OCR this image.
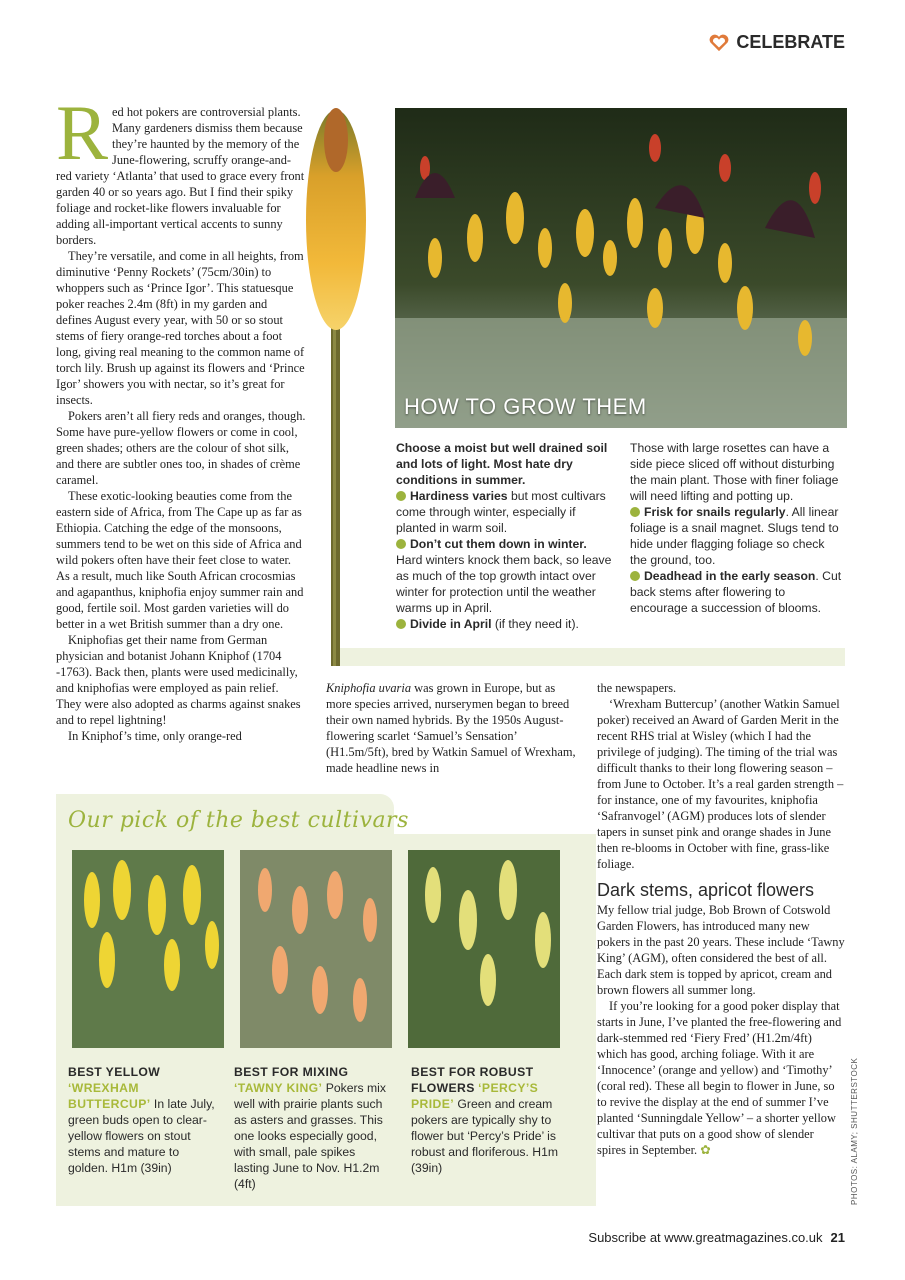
CELEBRATE

Red hot pokers are controversial plants. Many gardeners dismiss them because they’re haunted by the memory of the June-flowering, scruffy orange-and-red variety ‘Atlanta’ that used to grace every front garden 40 or so years ago. But I find their spiky foliage and rocket-like flowers invaluable for adding all-important vertical accents to sunny borders.

They’re versatile, and come in all heights, from diminutive ‘Penny Rockets’ (75cm/30in) to whoppers such as ‘Prince Igor’. This statuesque poker reaches 2.4m (8ft) in my garden and defines August every year, with 50 or so stout stems of fiery orange-red torches about a foot long, giving real meaning to the common name of torch lily. Brush up against its flowers and ‘Prince Igor’ showers you with nectar, so it’s great for insects.

Pokers aren’t all fiery reds and oranges, though. Some have pure-yellow flowers or come in cool, green shades; others are the colour of shot silk, and there are subtler ones too, in shades of crème caramel.

These exotic-looking beauties come from the eastern side of Africa, from The Cape up as far as Ethiopia. Catching the edge of the monsoons, summers tend to be wet on this side of Africa and wild pokers often have their feet close to water. As a result, much like South African crocosmias and agapanthus, kniphofia enjoy summer rain and good, fertile soil. Most garden varieties will do better in a wet British summer than a dry one.

Kniphofias get their name from German physician and botanist Johann Kniphof (1704 -1763). Back then, plants were used medicinally, and kniphofias were employed as pain relief. They were also adopted as charms against snakes and to repel lightning!

In Kniphof’s time, only orange-red

HOW TO GROW THEM

Choose a moist but well drained soil and lots of light. Most hate dry conditions in summer.

Hardiness varies but most cultivars come through winter, especially if planted in warm soil.

Don’t cut them down in winter. Hard winters knock them back, so leave as much of the top growth intact over winter for protection until the weather warms up in April.

Divide in April (if they need it).

Those with large rosettes can have a side piece sliced off without disturbing the main plant. Those with finer foliage will need lifting and potting up.

Frisk for snails regularly. All linear foliage is a snail magnet. Slugs tend to hide under flagging foliage so check the ground, too.

Deadhead in the early season. Cut back stems after flowering to encourage a succession of blooms.

Kniphofia uvaria was grown in Europe, but as more species arrived, nurserymen began to breed their own named hybrids. By the 1950s August-flowering scarlet ‘Samuel’s Sensation’ (H1.5m/5ft), bred by Watkin Samuel of Wrexham, made headline news in

the newspapers.

‘Wrexham Buttercup’ (another Watkin Samuel poker) received an Award of Garden Merit in the recent RHS trial at Wisley (which I had the privilege of judging). The timing of the trial was difficult thanks to their long flowering season – from June to October. It’s a real garden strength – for instance, one of my favourites, kniphofia ‘Safranvogel’ (AGM) produces lots of slender tapers in sunset pink and orange shades in June then re-blooms in October with fine, grass-like foliage.

Dark stems, apricot flowers

My fellow trial judge, Bob Brown of Cotswold Garden Flowers, has introduced many new pokers in the past 20 years. These include ‘Tawny King’ (AGM), often considered the best of all. Each dark stem is topped by apricot, cream and brown flowers all summer long.

If you’re looking for a good poker display that starts in June, I’ve planted the free-flowering and dark-stemmed red ‘Fiery Fred’ (H1.2m/4ft) which has good, arching foliage. With it are ‘Innocence’ (orange and yellow) and ‘Timothy’ (coral red). These all begin to flower in June, so to revive the display at the end of summer I’ve planted ‘Sunningdale Yellow’ – a shorter yellow cultivar that puts on a good show of slender spires in September. ✿

Our pick of the best cultivars
BEST YELLOW
‘WREXHAM BUTTERCUP’ In late July, green buds open to clear-yellow flowers on stout stems and mature to golden. H1m (39in)
BEST FOR MIXING
‘TAWNY KING’ Pokers mix well with prairie plants such as asters and grasses. This one looks especially good, with small, pale spikes lasting June to Nov. H1.2m (4ft)
BEST FOR ROBUST FLOWERS ‘PERCY’S PRIDE’ Green and cream pokers are typically shy to flower but ‘Percy’s Pride’ is robust and floriferous. H1m (39in)	PHOTOS: ALAMY; SHUTTERSTOCK
Subscribe at www.greatmagazines.co.uk 21
